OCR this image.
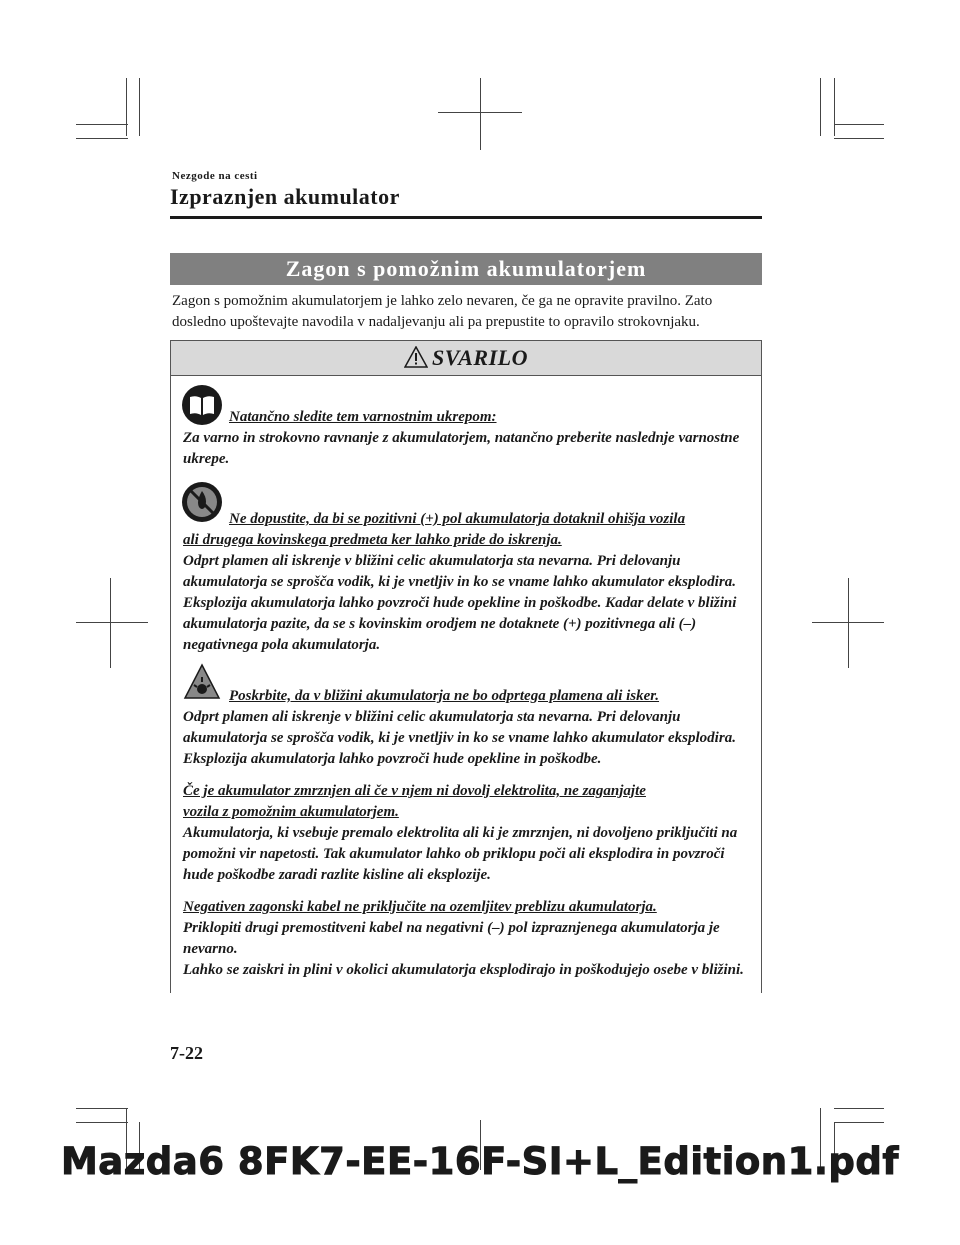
Nezgode na cesti
Izpraznjen akumulator
Zagon s pomožnim akumulatorjem
Zagon s pomožnim akumulatorjem je lahko zelo nevaren, če ga ne opravite pravilno. Zato dosledno upoštevajte navodila v nadaljevanju ali pa prepustite to opravilo strokovnjaku.
SVARILO
Natančno sledite tem varnostnim ukrepom:
Za varno in strokovno ravnanje z akumulatorjem, natančno preberite naslednje varnostne ukrepe.
Ne dopustite, da bi se pozitivni (+) pol akumulatorja dotaknil ohišja vozila
ali drugega kovinskega predmeta ker lahko pride do iskrenja.
Odprt plamen ali iskrenje v bližini celic akumulatorja sta nevarna. Pri delovanju akumulatorja se sprošča vodik, ki je vnetljiv in ko se vname lahko akumulator eksplodira. Eksplozija akumulatorja lahko povzroči hude opekline in poškodbe. Kadar delate v bližini akumulatorja pazite, da se s kovinskim orodjem ne dotaknete (+) pozitivnega ali (–) negativnega pola akumulatorja.
Poskrbite, da v bližini akumulatorja ne bo odprtega plamena ali isker.
Odprt plamen ali iskrenje v bližini celic akumulatorja sta nevarna. Pri delovanju akumulatorja se sprošča vodik, ki je vnetljiv in ko se vname lahko akumulator eksplodira. Eksplozija akumulatorja lahko povzroči hude opekline in poškodbe.
Če je akumulator zmrznjen ali če v njem ni dovolj elektrolita, ne zaganjajte
vozila z pomožnim akumulatorjem.
Akumulatorja, ki vsebuje premalo elektrolita ali ki je zmrznjen, ni dovoljeno priključiti na pomožni vir napetosti. Tak akumulator lahko ob priklopu poči ali eksplodira in povzroči hude poškodbe zaradi razlite kisline ali eksplozije.
Negativen zagonski kabel ne priključite na ozemljitev preblizu akumulatorja.
Priklopiti drugi premostitveni kabel na negativni (–) pol izpraznjenega akumulatorja je nevarno.
Lahko se zaiskri in plini v okolici akumulatorja eksplodirajo in poškodujejo osebe v bližini.
7-22
Mazda6 8FK7-EE-16F-SI+L_Edition1.pdf
